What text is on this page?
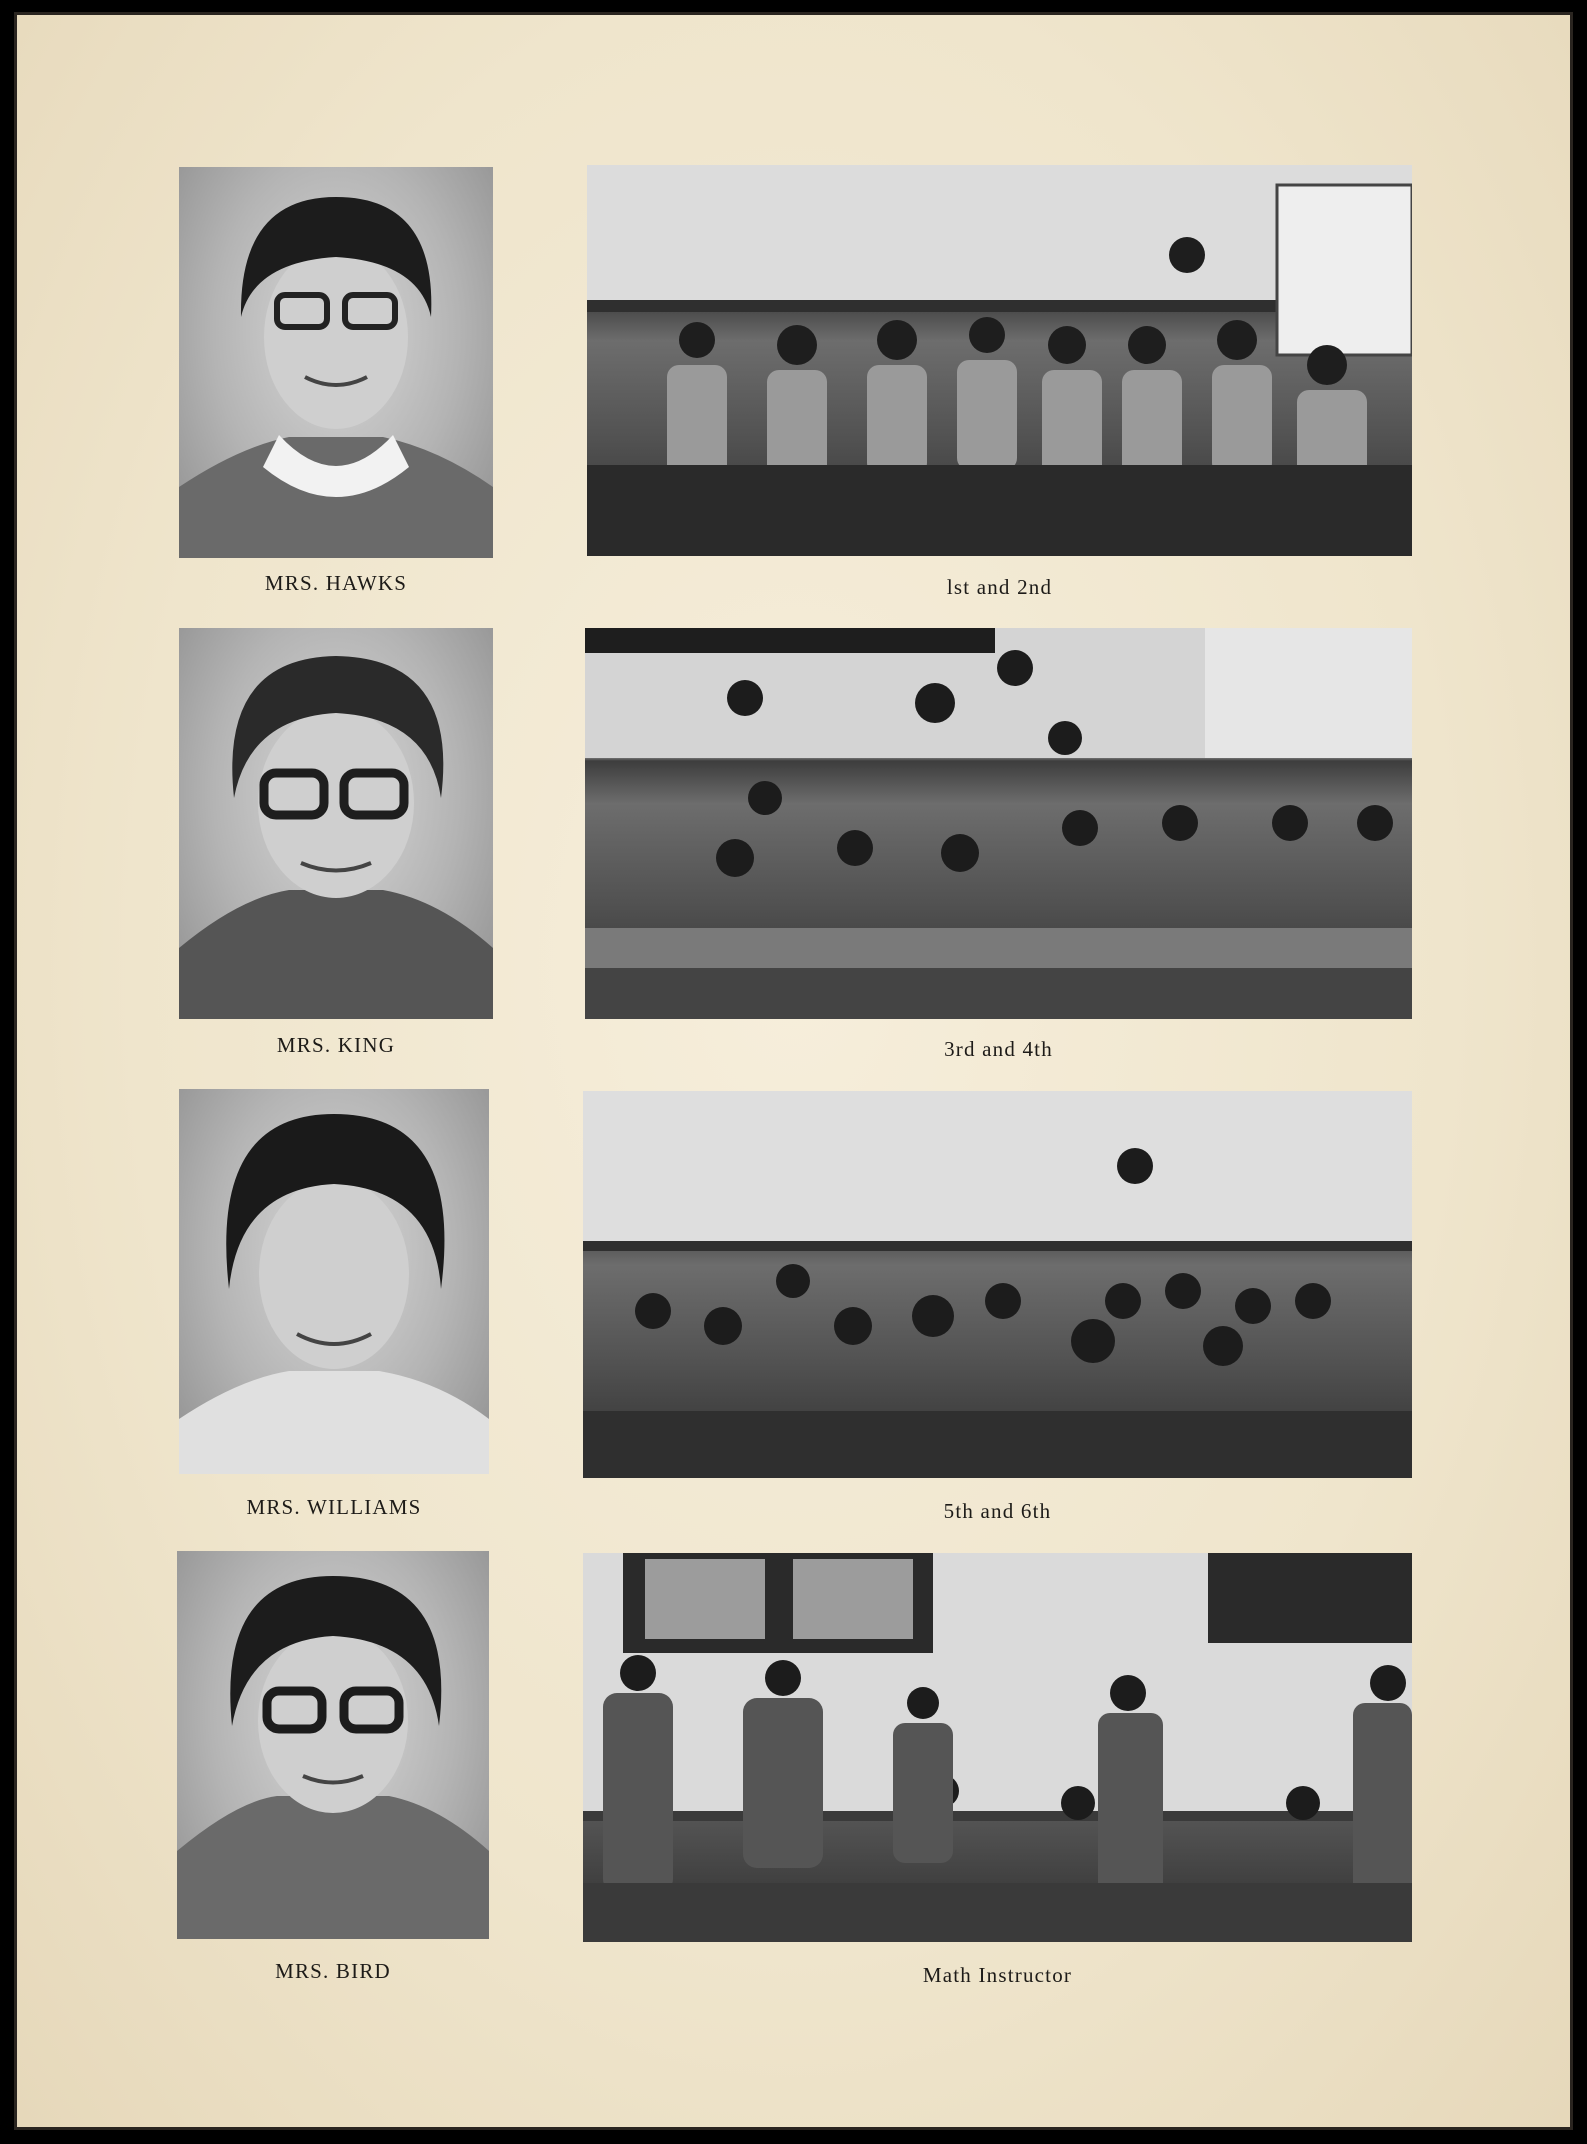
MRS. HAWKS	lst and 2nd
MRS. KING	3rd and 4th
MRS. WILLIAMS	5th and 6th
MRS. BIRD	Math Instructor
